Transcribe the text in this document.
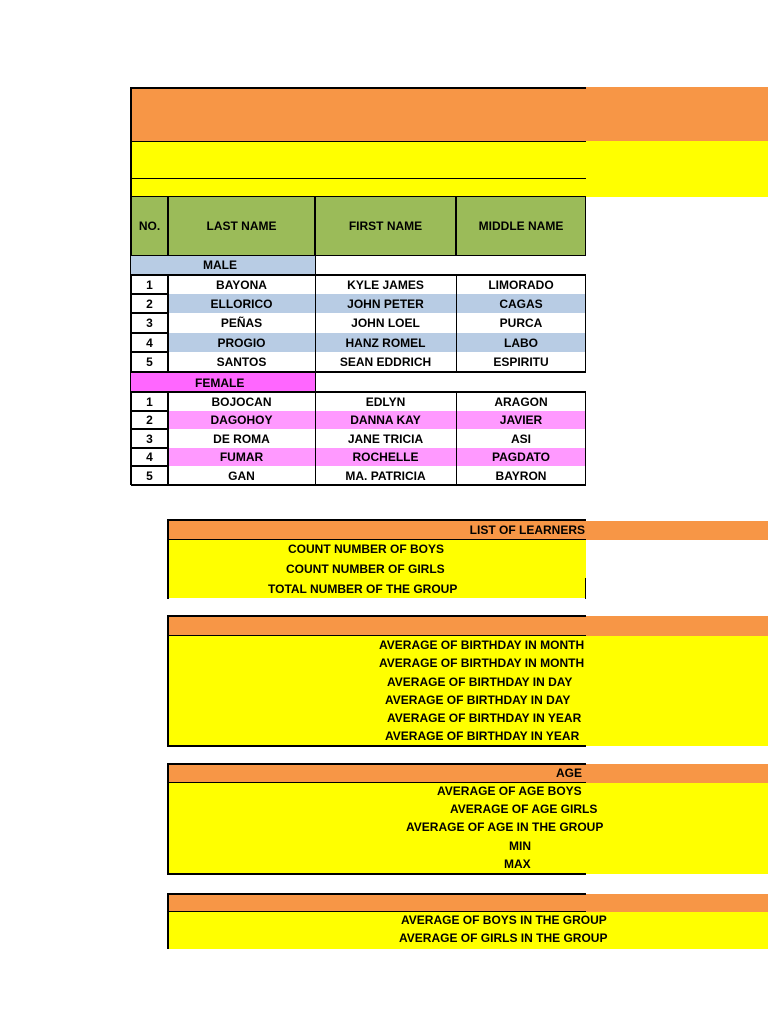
NO.	LAST NAME	FIRST NAME	MIDDLE NAME
MALE
1	BAYONA	KYLE JAMES	LIMORADO
2	ELLORICO	JOHN PETER	CAGAS
3	PEÑAS	JOHN LOEL	PURCA
4	PROGIO	HANZ ROMEL	LABO
5	SANTOS	SEAN EDDRICH	ESPIRITU
FEMALE
1	BOJOCAN	EDLYN	ARAGON
2	DAGOHOY	DANNA KAY	JAVIER
3	DE ROMA	JANE TRICIA	ASI
4	FUMAR	ROCHELLE	PAGDATO
5	GAN	MA. PATRICIA	BAYRON
LIST OF LEARNERS
COUNT NUMBER OF BOYS
COUNT NUMBER OF GIRLS
TOTAL NUMBER OF THE GROUP
AVERAGE OF BIRTHDAY IN MONTH
AVERAGE OF BIRTHDAY IN MONTH
AVERAGE OF BIRTHDAY IN DAY
AVERAGE OF BIRTHDAY IN DAY
AVERAGE OF BIRTHDAY IN YEAR
AVERAGE OF BIRTHDAY IN YEAR
AGE
AVERAGE OF AGE BOYS
AVERAGE OF AGE GIRLS
AVERAGE OF AGE IN THE GROUP
MIN
MAX
AVERAGE OF BOYS IN THE GROUP
AVERAGE OF GIRLS IN THE GROUP
